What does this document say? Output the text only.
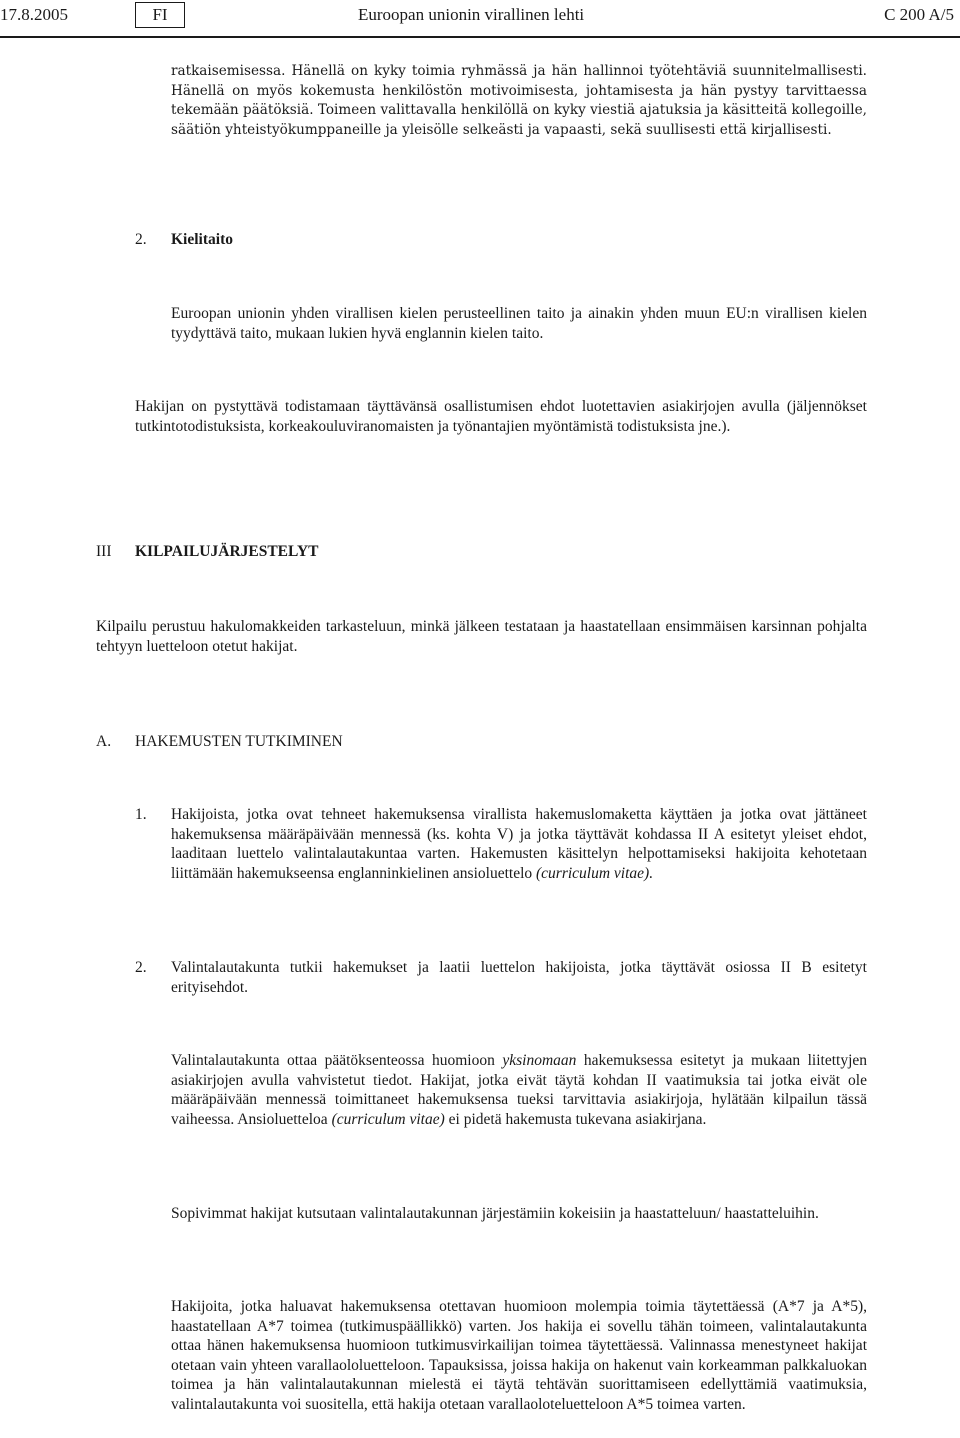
17.8.2005	FI	Euroopan unionin virallinen lehti	C 200 A/5
ratkaisemisessa. Hänellä on kyky toimia ryhmässä ja hän hallinnoi työtehtäviä suunnitelmallisesti. Hänellä on myös kokemusta henkilöstön motivoimisesta, johtamisesta ja hän pystyy tarvittaessa tekemään päätöksiä. Toimeen valittavalla henkilöllä on kyky viestiä ajatuksia ja käsitteitä kollegoille, säätiön yhteistyökumppaneille ja yleisölle selkeästi ja vapaasti, sekä suullisesti että kirjallisesti.
2. Kielitaito
Euroopan unionin yhden virallisen kielen perusteellinen taito ja ainakin yhden muun EU:n virallisen kielen tyydyttävä taito, mukaan lukien hyvä englannin kielen taito.
Hakijan on pystyttävä todistamaan täyttävänsä osallistumisen ehdot luotettavien asiakirjojen avulla (jäljennökset tutkintotodistuksista, korkeakouluviranomaisten ja työnantajien myöntämistä todistuksista jne.).
III KILPAILUJÄRJESTELYT
Kilpailu perustuu hakulomakkeiden tarkasteluun, minkä jälkeen testataan ja haastatellaan ensimmäisen karsinnan pohjalta tehtyyn luetteloon otetut hakijat.
A. HAKEMUSTEN TUTKIMINEN
1. Hakijoista, jotka ovat tehneet hakemuksensa virallista hakemuslomaketta käyttäen ja jotka ovat jättäneet hakemuksensa määräpäivään mennessä (ks. kohta V) ja jotka täyttävät kohdassa II A esitetyt yleiset ehdot, laaditaan luettelo valintalautakuntaa varten. Hakemusten käsittelyn helpottamiseksi hakijoita kehotetaan liittämään hakemukseensa englanninkielinen ansioluettelo (curriculum vitae).
2. Valintalautakunta tutkii hakemukset ja laatii luettelon hakijoista, jotka täyttävät osiossa II B esitetyt erityisehdot.
Valintalautakunta ottaa päätöksenteossa huomioon yksinomaan hakemuksessa esitetyt ja mukaan liitettyjen asiakirjojen avulla vahvistetut tiedot. Hakijat, jotka eivät täytä kohdan II vaatimuksia tai jotka eivät ole määräpäivään mennessä toimittaneet hakemuksensa tueksi tarvittavia asiakirjoja, hylätään kilpailun tässä vaiheessa. Ansioluetteloa (curriculum vitae) ei pidetä hakemusta tukevana asiakirjana.
Sopivimmat hakijat kutsutaan valintalautakunnan järjestämiin kokeisiin ja haastatteluun/ haastatteluihin.
Hakijoita, jotka haluavat hakemuksensa otettavan huomioon molempia toimia täytettäessä (A*7 ja A*5), haastatellaan A*7 toimea (tutkimuspäällikkö) varten. Jos hakija ei sovellu tähän toimeen, valintalautakunta ottaa hänen hakemuksensa huomioon tutkimusvirkailijan toimea täytettäessä. Valinnassa menestyneet hakijat otetaan vain yhteen varallaololuetteloon. Tapauksissa, joissa hakija on hakenut vain korkeamman palkkaluokan toimea ja hän valintalautakunnan mielestä ei täytä tehtävän suorittamiseen edellyttämiä vaatimuksia, valintalautakunta voi suositella, että hakija otetaan varallaoloteluetteloon A*5 toimea varten.
